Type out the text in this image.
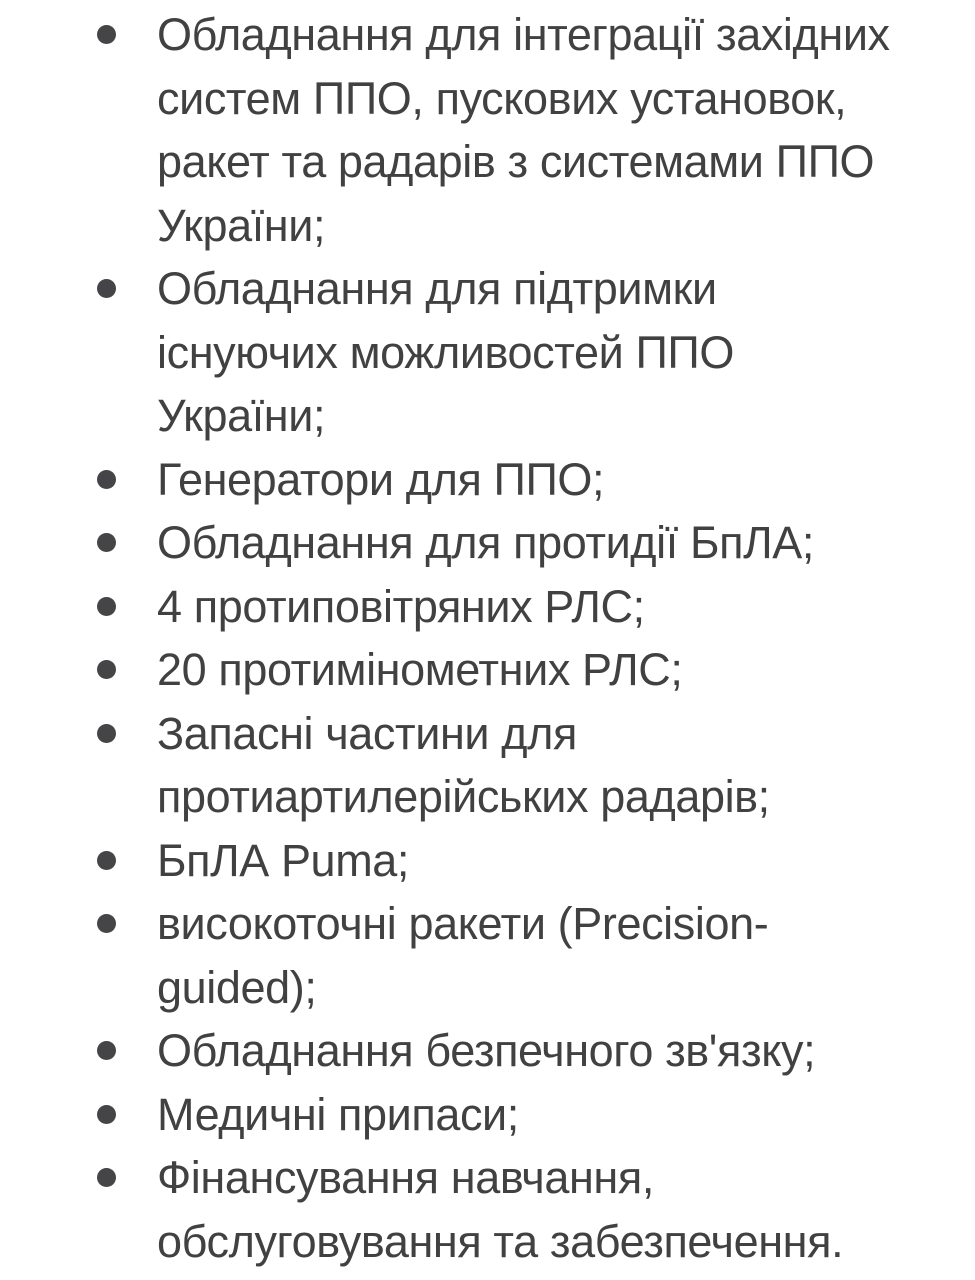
Обладнання для інтеграції західних
систем ППО, пускових установок,
ракет та радарів з системами ППО
України;
Обладнання для підтримки
існуючих можливостей ППО
України;
Генератори для ППО;
Обладнання для протидії БпЛА;
4 протиповітряних РЛС;
20 протимінометних РЛС;
Запасні частини для
протиартилерійських радарів;
БпЛА Puma;
високоточні ракети (Precision-
guided);
Обладнання безпечного зв'язку;
Медичні припаси;
Фінансування навчання,
обслуговування та забезпечення.
